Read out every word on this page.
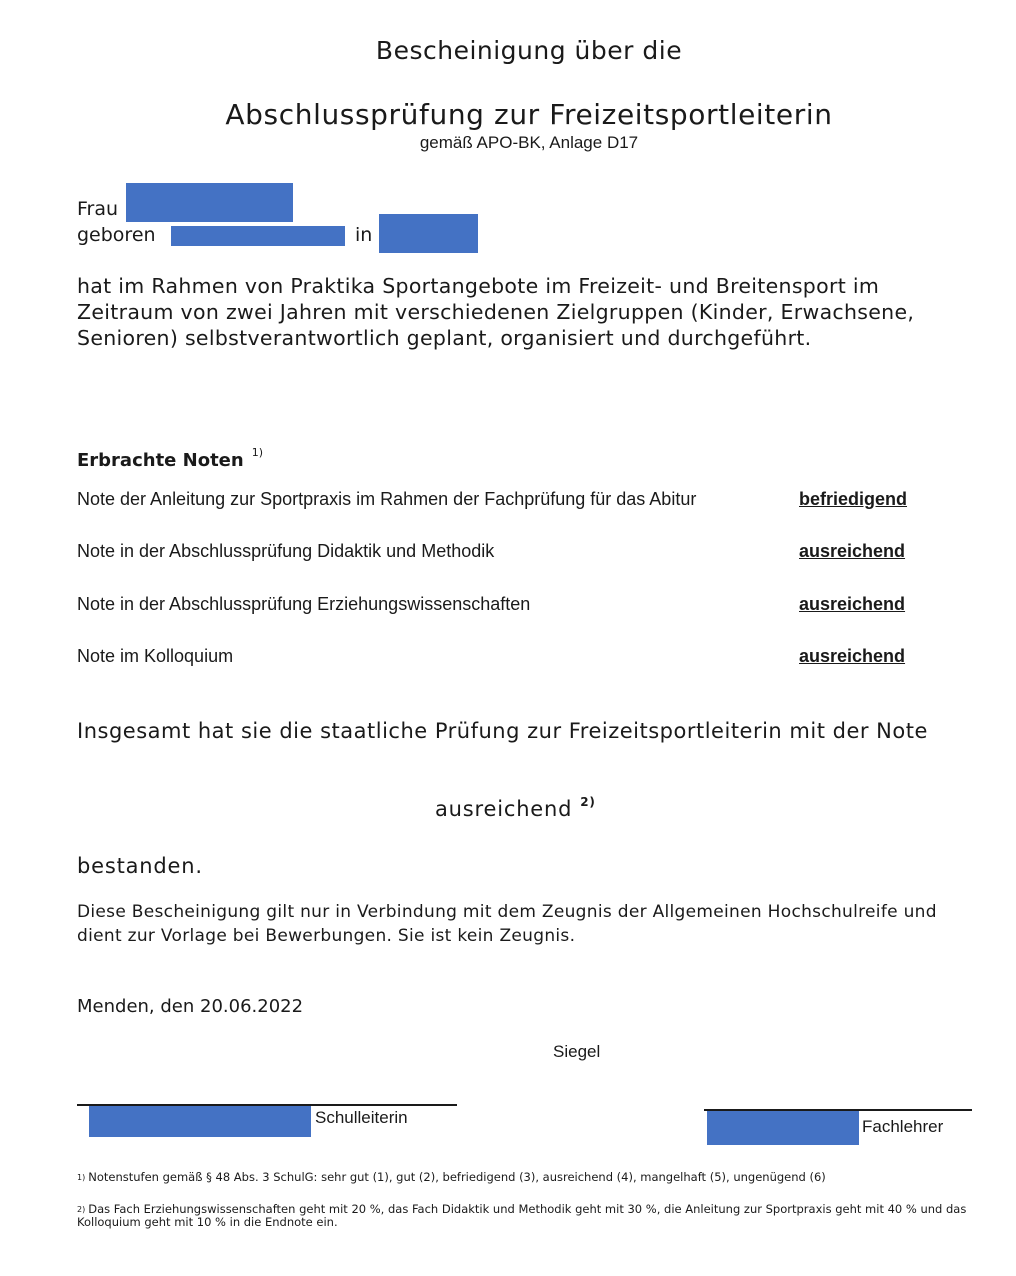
Bescheinigung über die
Abschlussprüfung zur Freizeitsportleiterin
gemäß APO-BK, Anlage D17
Frau
geboren	in

hat im Rahmen von Praktika Sportangebote im Freizeit- und Breitensport im Zeitraum von zwei Jahren mit verschiedenen Zielgruppen (Kinder, Erwachsene, Senioren) selbstverantwortlich geplant, organisiert und durchgeführt.

Erbrachte Noten $^{1)}$
Note der Anleitung zur Sportpraxis im Rahmen der Fachprüfung für das Abitur	befriedigend
Note in der Abschlussprüfung Didaktik und Methodik	ausreichend
Note in der Abschlussprüfung Erziehungswissenschaften	ausreichend
Note im Kolloquium	ausreichend

Insgesamt hat sie die staatliche Prüfung zur Freizeitsportleiterin mit der Note

ausreichend $^{2)}$
bestanden.

Diese Bescheinigung gilt nur in Verbindung mit dem Zeugnis der Allgemeinen Hochschulreife und dient zur Vorlage bei Bewerbungen. Sie ist kein Zeugnis.

Menden, den 20.06.2022
Siegel
Schulleiterin	Fachlehrer

$^{1)}$ Notenstufen gemäß § 48 Abs. 3 SchulG: sehr gut (1), gut (2), befriedigend (3), ausreichend (4), mangelhaft (5), ungenügend (6)

$^{2)}$ Das Fach Erziehungswissenschaften geht mit 20 %, das Fach Didaktik und Methodik geht mit 30 %, die Anleitung zur Sportpraxis geht mit 40 % und das Kolloquium geht mit 10 % in die Endnote ein.
